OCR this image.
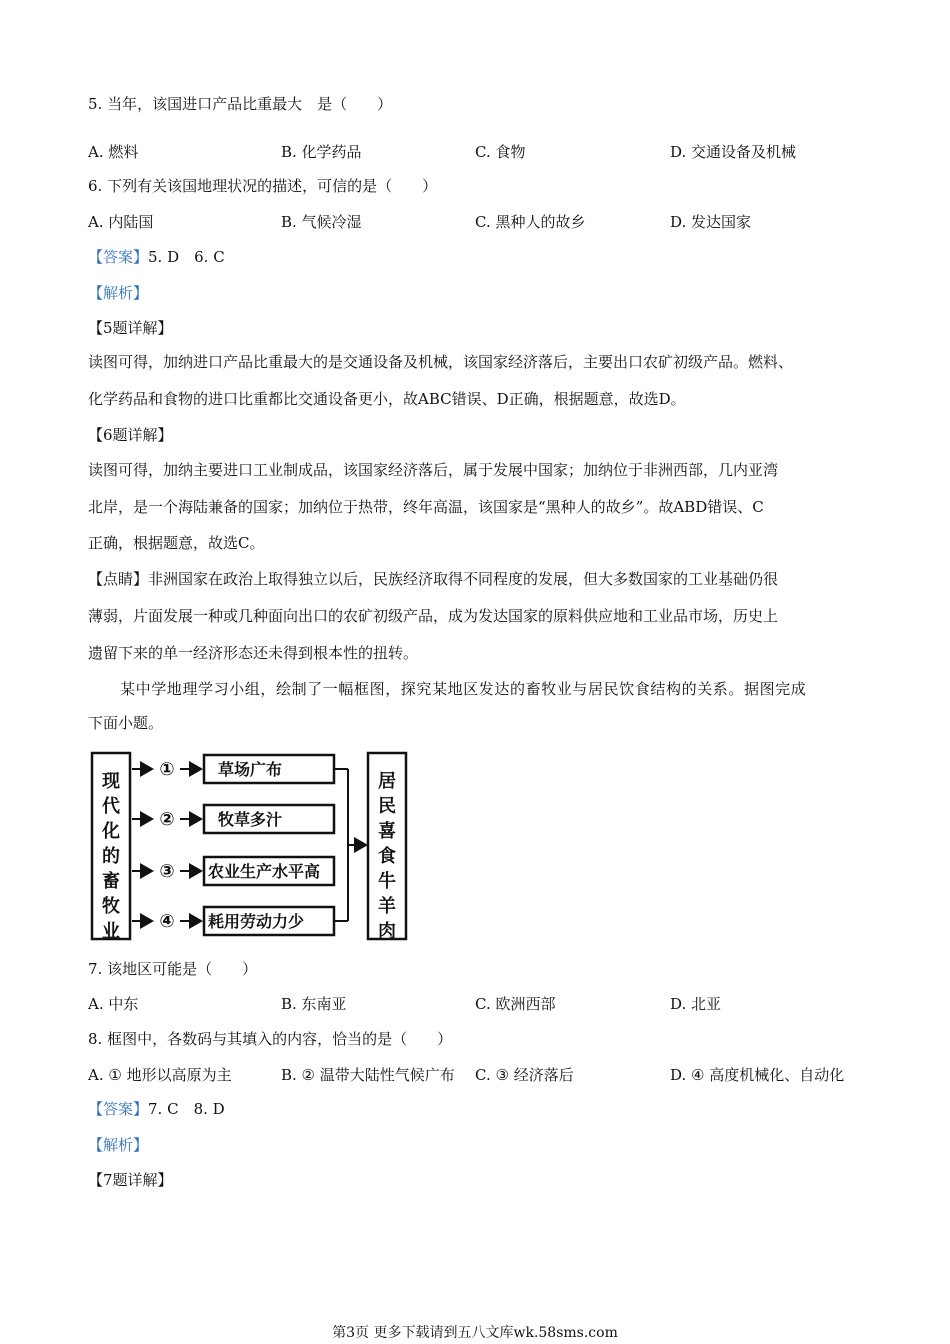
5. 当年，该国进口产品比重最大　是（　　）
A. 燃料	B. 化学药品	C. 食物	D. 交通设备及机械
6. 下列有关该国地理状况的描述，可信的是（　　）
A. 内陆国	B. 气候冷湿	C. 黑种人的故乡	D. 发达国家
【答案】5. D　6. C
【解析】
【5题详解】
读图可得，加纳进口产品比重最大的是交通设备及机械，该国家经济落后，主要出口农矿初级产品。燃料、
化学药品和食物的进口比重都比交通设备更小，故ABC错误、D正确，根据题意，故选D。
【6题详解】
读图可得，加纳主要进口工业制成品，该国家经济落后，属于发展中国家；加纳位于非洲西部，几内亚湾
北岸，是一个海陆兼备的国家；加纳位于热带，终年高温，该国家是“黑种人的故乡”。故ABD错误、C
正确，根据题意，故选C。
【点睛】非洲国家在政治上取得独立以后，民族经济取得不同程度的发展，但大多数国家的工业基础仍很
薄弱，片面发展一种或几种面向出口的农矿初级产品，成为发达国家的原料供应地和工业品市场，历史上
遗留下来的单一经济形态还未得到根本性的扭转。
某中学地理学习小组，绘制了一幅框图，探究某地区发达的畜牧业与居民饮食结构的关系。据图完成
下面小题。
①	草场广布
②	牧草多汁
③ 农业生产水平高
④ 耗用劳动力少
现
代
化
的
畜
牧
业
居
民
喜
食
牛
羊
肉
7. 该地区可能是（　　）
A. 中东	B. 东南亚	C. 欧洲西部	D. 北亚
8. 框图中，各数码与其填入的内容，恰当的是（　　）
A. ① 地形以高原为主	B. ② 温带大陆性气候广布 C. ③ 经济落后	D. ④ 高度机械化、自动化
【答案】7. C　8. D
【解析】
【7题详解】
第3页 更多下载请到五八文库wk.58sms.com
